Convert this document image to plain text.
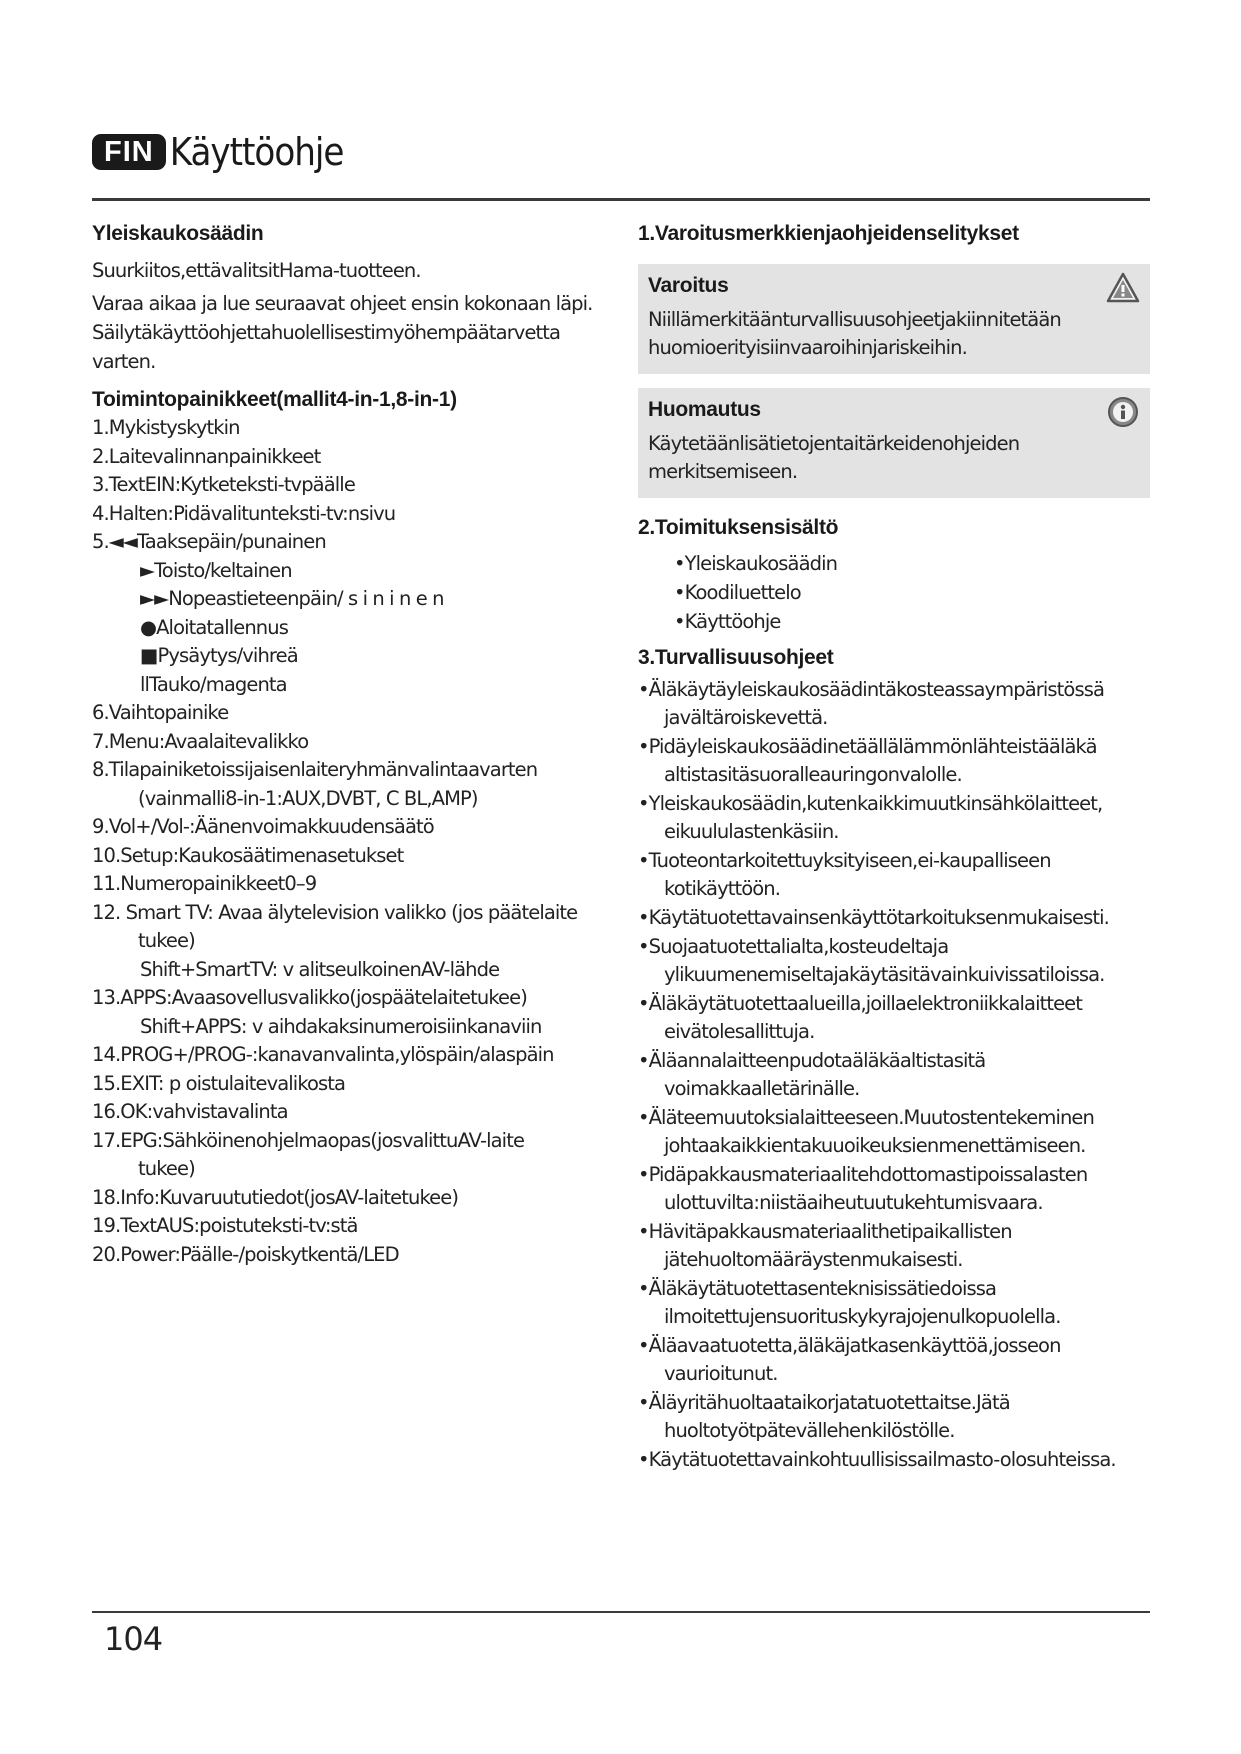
FIN Käyttöohje
Yleiskaukosäädin

Suurkiitos,ettävalitsitHama-tuotteen.

Varaa aikaa ja lue seuraavat ohjeet ensin kokonaan läpi.

Säilytäkäyttöohjettahuolellisestimyöhempäätarvetta

varten.

Toimintopainikkeet(mallit4-in-1,8-in-1)
1.Mykistyskytkin
2.Laitevalinnanpainikkeet
3.TextEIN:Kytketeksti-tvpäälle
4.Halten:Pidävalitunteksti-tv:nsivu
5.◄◄Taaksepäin/punainen
►Toisto/keltainen
►►Nopeastieteenpäin/ s i n i n e n
●Aloitatallennus
■Pysäytys/vihreä
llTauko/magenta
6.Vaihtopainike
7.Menu:Avaalaitevalikko
8.Tilapainiketoissijaisenlaiteryhmänvalintaavarten
(vainmalli8-in-1:AUX,DVBT, C BL,AMP)
9.Vol+/Vol-:Äänenvoimakkuudensäätö
10.Setup:Kaukosäätimenasetukset
11.Numeropainikkeet0–9
12. Smart TV: Avaa älytelevision valikko (jos päätelaite
tukee)
Shift+SmartTV: v alitseulkoinenAV-lähde
13.APPS:Avaasovellusvalikko(jospäätelaitetukee)
Shift+APPS: v aihdakaksinumeroisiinkanaviin
14.PROG+/PROG-:kanavanvalinta,ylöspäin/alaspäin
15.EXIT: p oistulaitevalikosta
16.OK:vahvistavalinta
17.EPG:Sähköinenohjelmaopas(josvalittuAV-laite
tukee)
18.Info:Kuvaruututiedot(josAV-laitetukee)
19.TextAUS:poistuteksti-tv:stä
20.Power:Päälle-/poiskytkentä/LED
1.Varoitusmerkkienjaohjeidenselitykset
Varoitus
Niillämerkitäänturvallisuusohjeetjakiinnitetään
huomioerityisiinvaaroihinjariskeihin.
Huomautus
Käytetäänlisätietojentaitärkeidenohjeiden
merkitsemiseen.
2.Toimituksensisältö
•Yleiskaukosäädin
•Koodiluettelo
•Käyttöohje
3.Turvallisuusohjeet
•Äläkäytäyleiskaukosäädintäkosteassaympäristössä
javältäroiskevettä.
•Pidäyleiskaukosäädinetäällälämmönlähteistääläkä
altistasitäsuoralleauringonvalolle.
•Yleiskaukosäädin,kutenkaikkimuutkinsähkölaitteet,
eikuululastenkäsiin.
•Tuoteontarkoitettuyksityiseen,ei-kaupalliseen
kotikäyttöön.
•Käytätuotettavainsenkäyttötarkoituksenmukaisesti.
•Suojaatuotettalialta,kosteudeltaja
ylikuumenemiseltajakäytäsitävainkuivissatiloissa.
•Äläkäytätuotettaalueilla,joillaelektroniikkalaitteet
eivätolesallittuja.
•Äläannalaitteenpudotaäläkäaltistasitä
voimakkaalletärinälle.
•Äläteemuutoksialaitteeseen.Muutostentekeminen
johtaakaikkientakuuoikeuksienmenettämiseen.
•Pidäpakkausmateriaalitehdottomastipoissalasten
ulottuvilta:niistäaiheutuutukehtumisvaara.
•Hävitäpakkausmateriaalithetipaikallisten
jätehuoltomääräystenmukaisesti.
•Äläkäytätuotettasenteknisissätiedoissa
ilmoitettujensuorituskykyrajojenulkopuolella.
•Äläavaatuotetta,äläkäjatkasenkäyttöä,josseon
vaurioitunut.
•Äläyritähuoltaataikorjatatuotettaitse.Jätä
huoltotyötpätevällehenkilöstölle.
•Käytätuotettavainkohtuullisissailmasto-olosuhteissa.
104
